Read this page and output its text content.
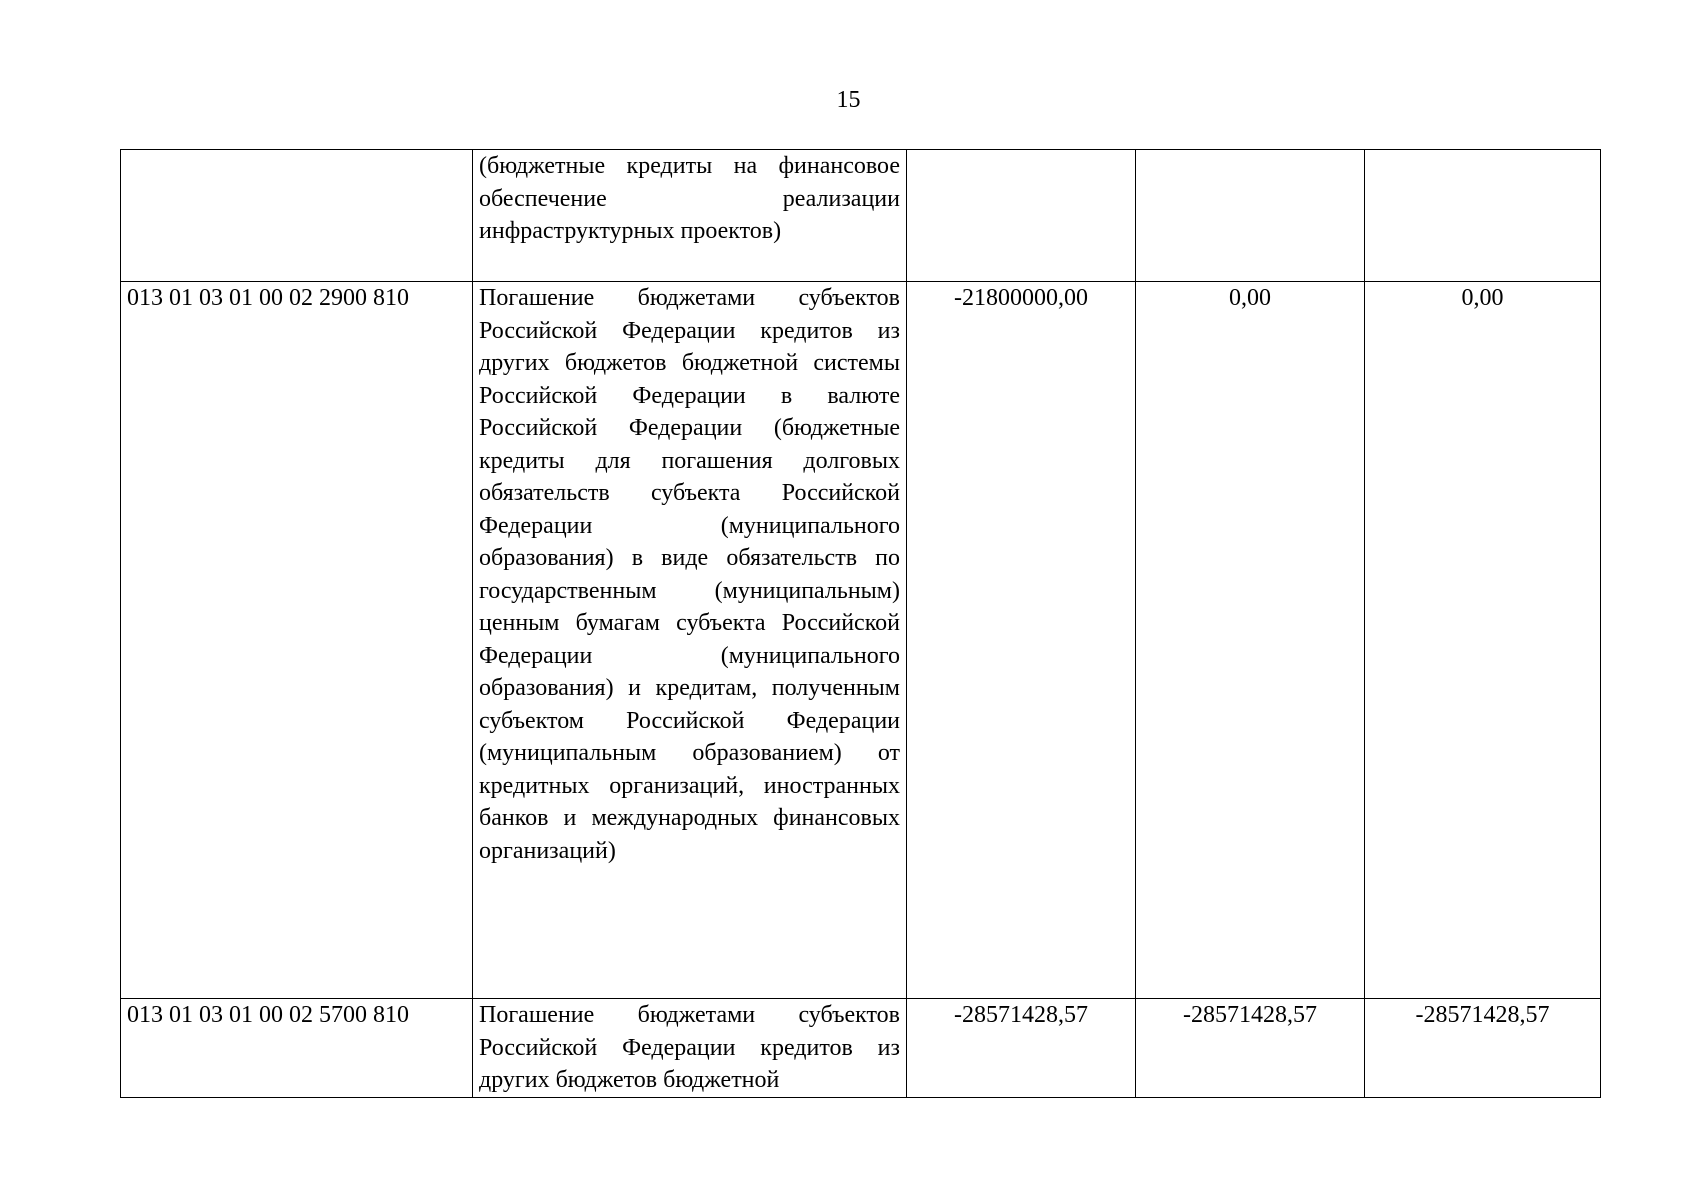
15
	(бюджетные кредиты на финансовое обеспечение реализации инфраструктурных проектов)			
013 01 03 01 00 02 2900 810	Погашение бюджетами субъектов Российской Федерации кредитов из других бюджетов бюджетной системы Российской Федерации в валюте Российской Федерации (бюджетные кредиты для погашения долговых обязательств субъекта Российской Федерации (муниципального образования) в виде обязательств по государственным (муниципальным) ценным бумагам субъекта Российской Федерации (муниципального образования) и кредитам, полученным субъектом Российской Федерации (муниципальным образованием) от кредитных организаций, иностранных банков и международных финансовых организаций)	-21800000,00	0,00	0,00
013 01 03 01 00 02 5700 810	Погашение бюджетами субъектов Российской Федерации кредитов из других бюджетов бюджетной	-28571428,57	-28571428,57	-28571428,57
